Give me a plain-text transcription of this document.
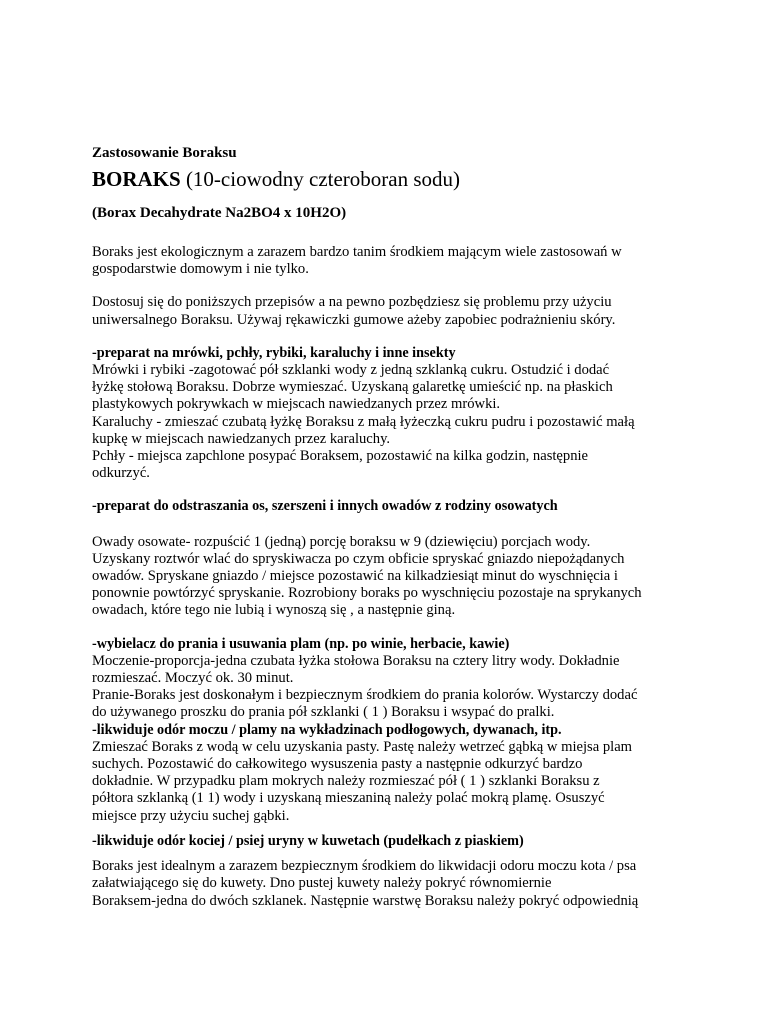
Zastosowanie Boraksu
BORAKS (10-ciowodny czteroboran sodu)
(Borax Decahydrate Na2BO4 x 10H2O)

Boraks jest ekologicznym a zarazem bardzo tanim środkiem mającym wiele zastosowań w
gospodarstwie domowym i nie tylko.

Dostosuj się do poniższych przepisów a na pewno pozbędziesz się problemu przy użyciu
uniwersalnego Boraksu. Używaj rękawiczki gumowe ażeby zapobiec podrażnieniu skóry.

-preparat na mrówki, pchły, rybiki, karaluchy i inne insekty
Mrówki i rybiki -zagotować pół szklanki wody z jedną szklanką cukru. Ostudzić i dodać
łyżkę stołową Boraksu. Dobrze wymieszać. Uzyskaną galaretkę umieścić np. na płaskich
plastykowych pokrywkach w miejscach nawiedzanych przez mrówki.
Karaluchy - zmieszać czubatą łyżkę Boraksu z małą łyżeczką cukru pudru i pozostawić małą
kupkę w miejscach nawiedzanych przez karaluchy.
Pchły - miejsca zapchlone posypać Boraksem, pozostawić na kilka godzin, następnie
odkurzyć.
-preparat do odstraszania os, szerszeni i innych owadów z rodziny osowatych
Owady osowate- rozpuścić 1 (jedną) porcję boraksu w 9 (dziewięciu) porcjach wody.
Uzyskany roztwór wlać do spryskiwacza po czym obficie spryskać gniazdo niepożądanych
owadów. Spryskane gniazdo / miejsce pozostawić na kilkadziesiąt minut do wyschnięcia i
ponownie powtórzyć spryskanie. Rozrobiony boraks po wyschnięciu pozostaje na sprykanych
owadach, które tego nie lubią i wynoszą się , a następnie giną.
-wybielacz do prania i usuwania plam (np. po winie, herbacie, kawie)
Moczenie-proporcja-jedna czubata łyżka stołowa Boraksu na cztery litry wody. Dokładnie
rozmieszać. Moczyć ok. 30 minut.
Pranie-Boraks jest doskonałym i bezpiecznym środkiem do prania kolorów. Wystarczy dodać
do używanego proszku do prania pół szklanki ( 1 ) Boraksu i wsypać do pralki.
-likwiduje odór moczu / plamy na wykładzinach podłogowych, dywanach, itp.
Zmieszać Boraks z wodą w celu uzyskania pasty. Pastę należy wetrzeć gąbką w miejsa plam
suchych. Pozostawić do całkowitego wysuszenia pasty a następnie odkurzyć bardzo
dokładnie. W przypadku plam mokrych należy rozmieszać pół ( 1 ) szklanki Boraksu z
półtora szklanką (1 1) wody i uzyskaną mieszaniną należy polać mokrą plamę. Osuszyć
miejsce przy użyciu suchej gąbki.
-likwiduje odór kociej / psiej uryny w kuwetach (pudełkach z piaskiem)
Boraks jest idealnym a zarazem bezpiecznym środkiem do likwidacji odoru moczu kota / psa
załatwiającego się do kuwety. Dno pustej kuwety należy pokryć równomiernie
Boraksem-jedna do dwóch szklanek. Następnie warstwę Boraksu należy pokryć odpowiednią
